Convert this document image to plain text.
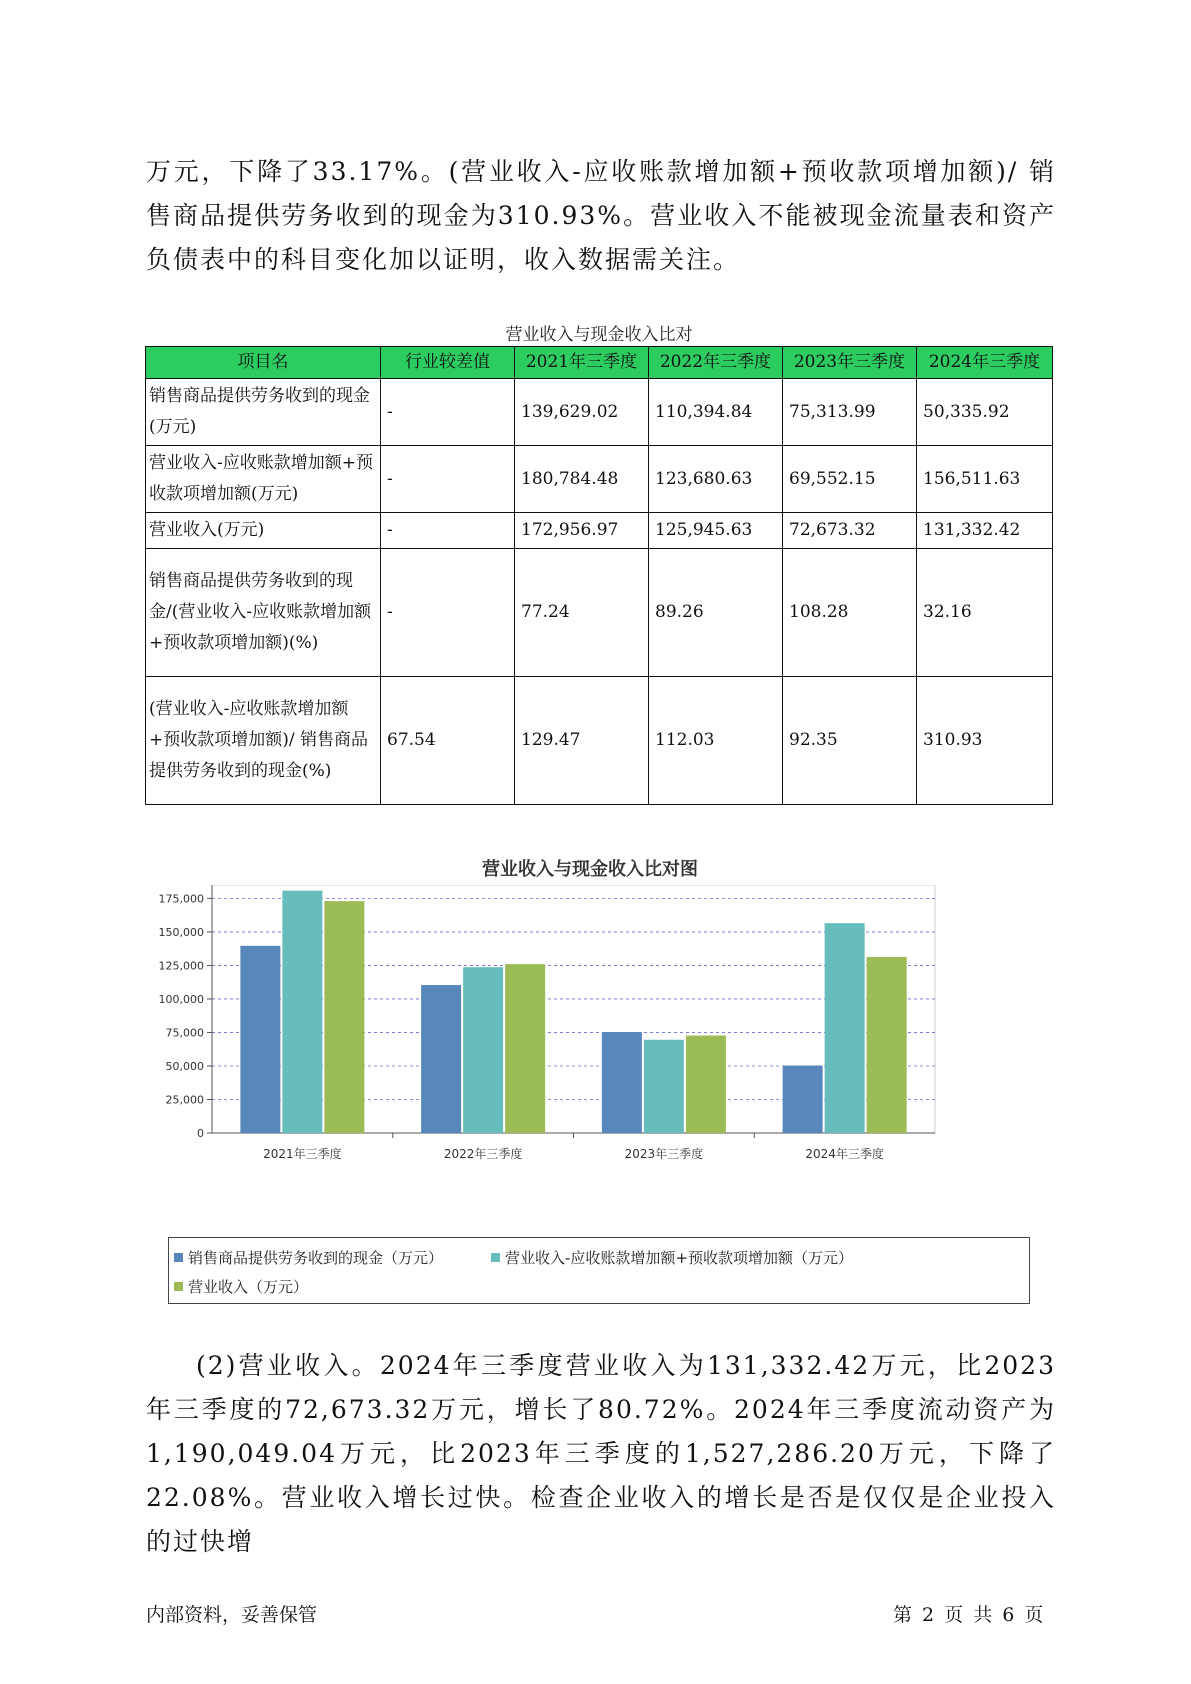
万元，下降了33.17%。(营业收入-应收账款增加额+预收款项增加额)/ 销售商品提供劳务收到的现金为310.93%。营业收入不能被现金流量表和资产负债表中的科目变化加以证明，收入数据需关注。

营业收入与现金收入比对
项目名	行业较差值	2021年三季度	2022年三季度	2023年三季度	2024年三季度
销售商品提供劳务收到的现金(万元)	-	139,629.02	110,394.84	75,313.99	50,335.92
营业收入-应收账款增加额+预收款项增加额(万元)	-	180,784.48	123,680.63	69,552.15	156,511.63
营业收入(万元)	-	172,956.97	125,945.63	72,673.32	131,332.42
销售商品提供劳务收到的现金/(营业收入-应收账款增加额+预收款项增加额)(%)	-	77.24	89.26	108.28	32.16
(营业收入-应收账款增加额+预收款项增加额)/ 销售商品提供劳务收到的现金(%)	67.54	129.47	112.03	92.35	310.93
营业收入与现金收入比对图
0
25,000
50,000
75,000
100,000
125,000
150,000
175,000
2021年三季度	2022年三季度	2023年三季度	2024年三季度
销售商品提供劳务收到的现金（万元）	营业收入-应收账款增加额+预收款项增加额（万元）
营业收入（万元）

(2)营业收入。2024年三季度营业收入为131,332.42万元，比2023年三季度的72,673.32万元，增长了80.72%。2024年三季度流动资产为1,190,049.04万元，比2023年三季度的1,527,286.20万元，下降了22.08%。营业收入增长过快。检查企业收入的增长是否是仅仅是企业投入的过快增

内部资料，妥善保管	第 2 页 共 6 页
